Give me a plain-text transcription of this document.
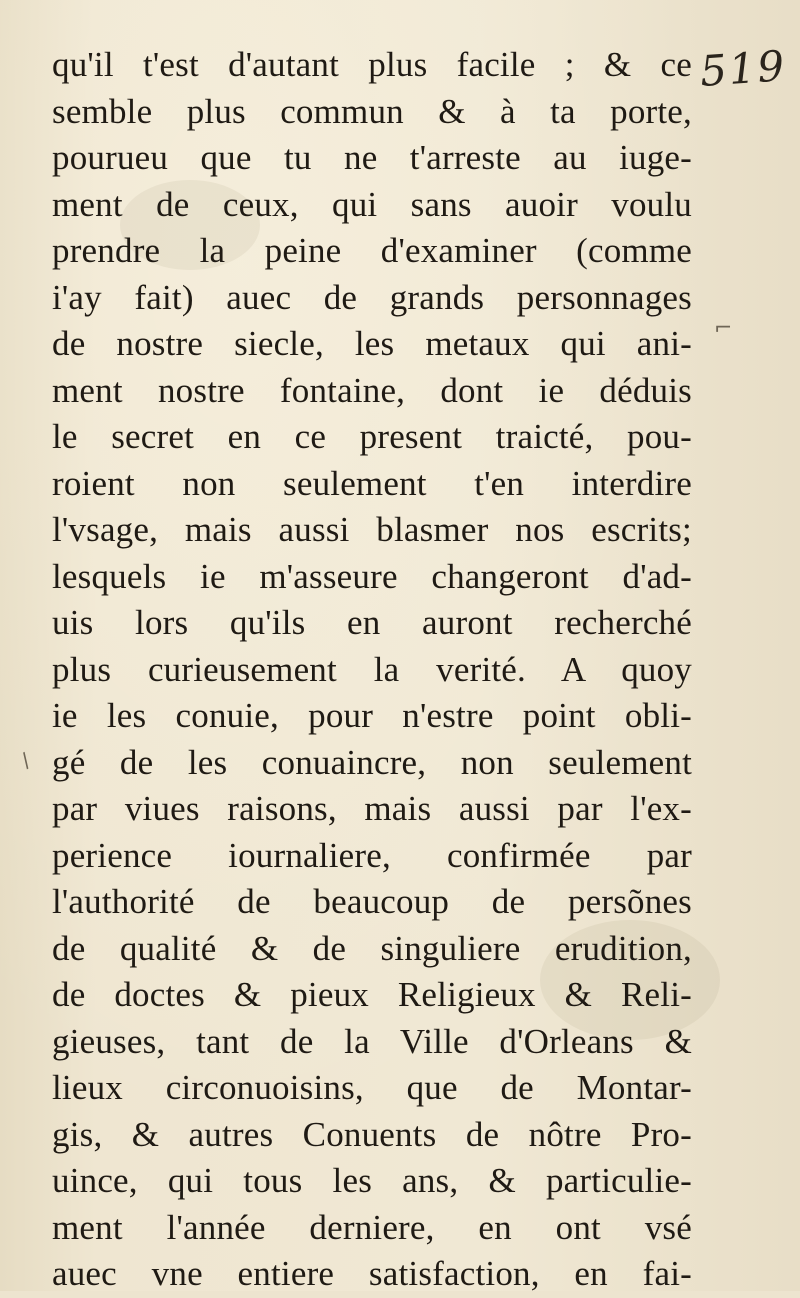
519
⌐
/
qu'il t'est d'autant plus facile ; & ce
semble plus commun & à ta porte,
pourueu que tu ne t'arreste au iuge-
ment de ceux, qui sans auoir voulu
prendre la peine d'examiner (comme
i'ay fait) auec de grands personnages
de nostre siecle, les metaux qui ani-
ment nostre fontaine, dont ie déduis
le secret en ce present traicté, pou-
roient non seulement t'en interdire
l'vsage, mais aussi blasmer nos escrits;
lesquels ie m'asseure changeront d'ad-
uis lors qu'ils en auront recherché
plus curieusement la verité. A quoy
ie les conuie, pour n'estre point obli-
gé de les conuaincre, non seulement
par viues raisons, mais aussi par l'ex-
perience iournaliere, confirmée par
l'authorité de beaucoup de persõnes
de qualité & de singuliere erudition,
de doctes & pieux Religieux & Reli-
gieuses, tant de la Ville d'Orleans &
lieux circonuoisins, que de Montar-
gis, & autres Conuents de nôtre Pro-
uince, qui tous les ans, & particulie-
ment l'année derniere, en ont vsé
auec vne entiere satisfaction, en fai-
